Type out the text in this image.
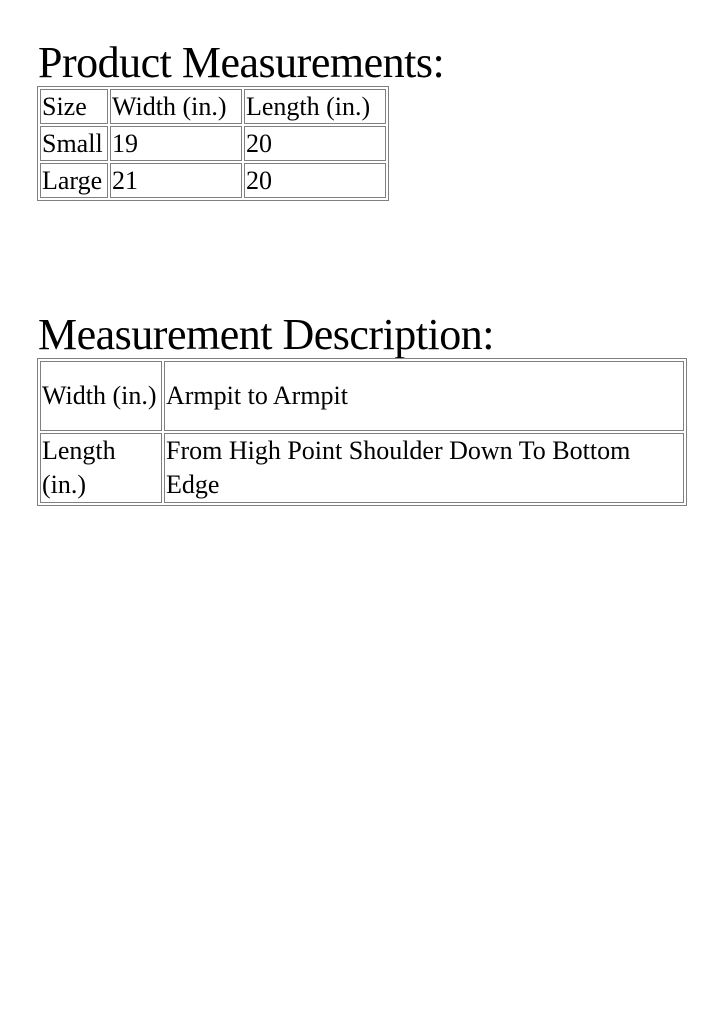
Product Measurements:
Size	Width (in.)	Length (in.)
Small	19	20
Large	21	20
Measurement Description:
Width (in.)	Armpit to Armpit
Length (in.)	From High Point Shoulder Down To Bottom Edge
